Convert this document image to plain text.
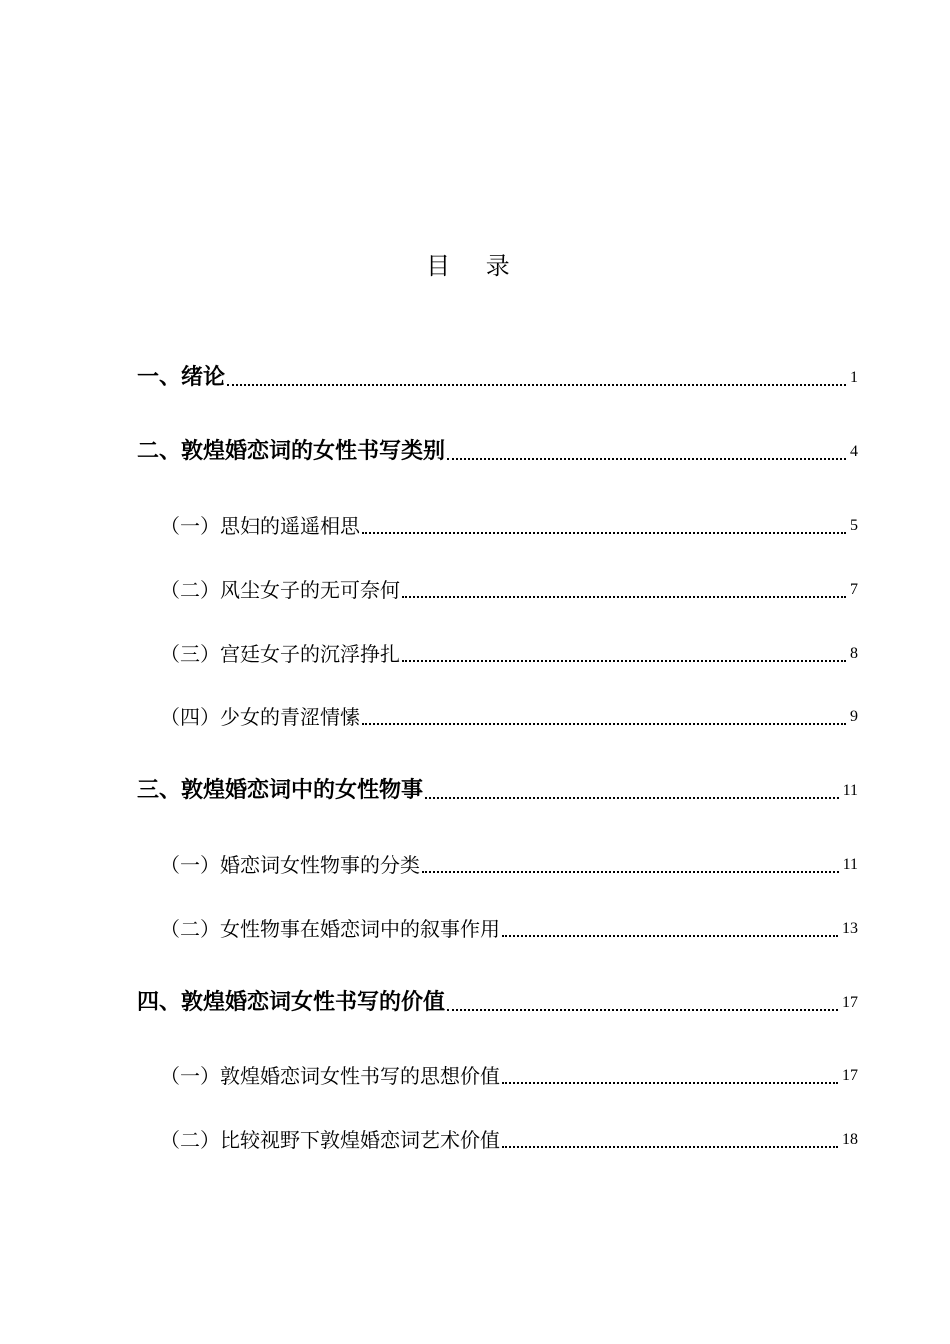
目 录
一、绪论	1
二、敦煌婚恋词的女性书写类别	4
（一）思妇的遥遥相思	5
（二）风尘女子的无可奈何	7
（三）宫廷女子的沉浮挣扎	8
（四）少女的青涩情愫	9
三、敦煌婚恋词中的女性物事	11
（一）婚恋词女性物事的分类	11
（二）女性物事在婚恋词中的叙事作用	13
四、敦煌婚恋词女性书写的价值	17
（一）敦煌婚恋词女性书写的思想价值	17
（二）比较视野下敦煌婚恋词艺术价值	18
